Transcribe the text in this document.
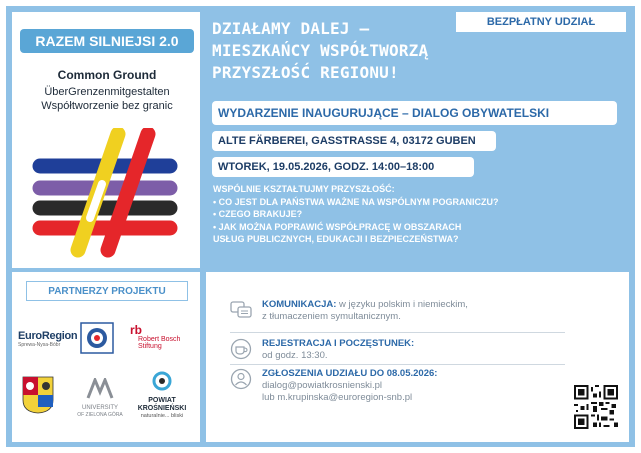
RAZEM SILNIEJSI 2.0
Common Ground
ÜberGrenzenmitgestalten
Współtworzenie bez granic
DZIAŁAMY DALEJ –
MIESZKAŃCY WSPÓŁTWORZĄ
PRZYSZŁOŚĆ REGIONU!
BEZPŁATNY UDZIAŁ
WYDARZENIE INAUGURUJĄCE – DIALOG OBYWATELSKI
ALTE FÄRBEREI, GASSTRASSE 4, 03172 GUBEN
WTOREK, 19.05.2026, GODZ. 14:00–18:00
WSPÓLNIE KSZTAŁTUJMY PRZYSZŁOŚĆ:
• CO JEST DLA PAŃSTWA WAŻNE NA WSPÓLNYM POGRANICZU?
• CZEGO BRAKUJE?
• JAK MOŻNA POPRAWIĆ WSPÓŁPRACĘ W OBSZARACH
USŁUG PUBLICZNYCH, EDUKACJI I BEZPIECZEŃSTWA?
PARTNERZY PROJEKTU
EuroRegion
Sprewa-Nysa-Bóbr
rb
Robert Bosch
Stiftung
UNIVERSITY
OF ZIELONA GÓRA
POWIAT
KROŚNIEŃSKI
naturalnie... bliski
KOMUNIKACJA: w języku polskim i niemieckim,
z tłumaczeniem symultanicznym.
REJESTRACJA I POCZĘSTUNEK:
od godz. 13:30.
ZGŁOSZENIA UDZIAŁU DO 08.05.2026:
dialog@powiatkrosnienski.pl
lub m.krupinska@euroregion-snb.pl
